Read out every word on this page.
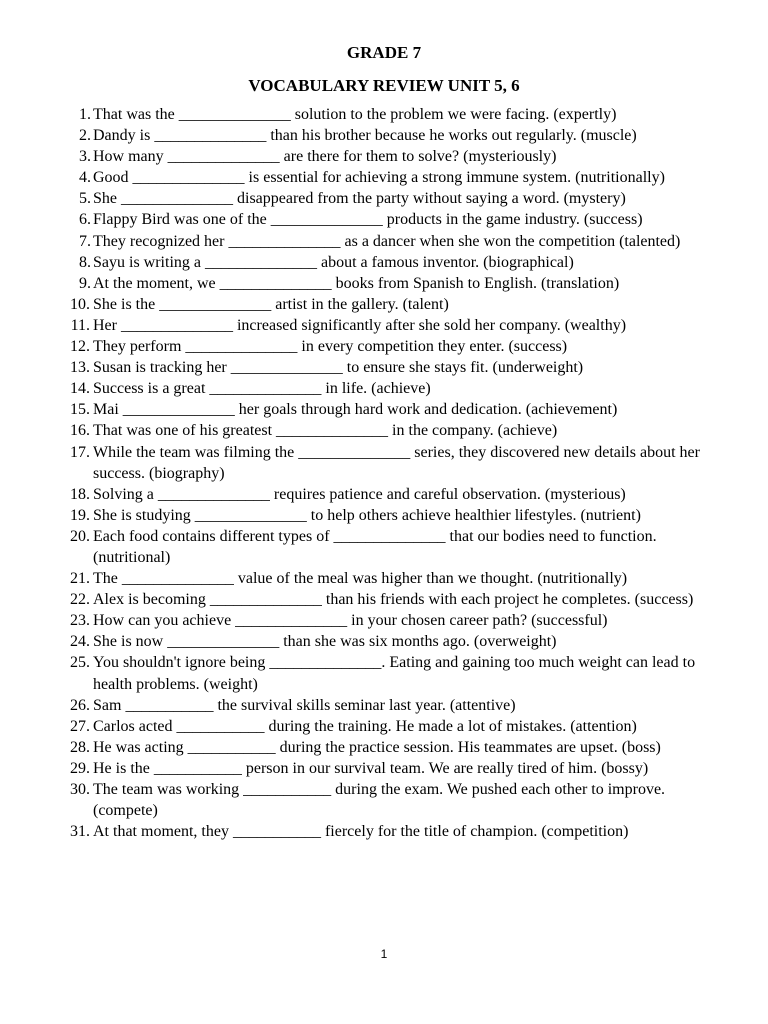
GRADE 7
VOCABULARY REVIEW UNIT 5, 6
1. That was the ______________ solution to the problem we were facing. (expertly)
2. Dandy is ______________ than his brother because he works out regularly. (muscle)
3. How many ______________ are there for them to solve? (mysteriously)
4. Good ______________ is essential for achieving a strong immune system. (nutritionally)
5. She ______________ disappeared from the party without saying a word. (mystery)
6. Flappy Bird was one of the ______________ products in the game industry. (success)
7. They recognized her ______________ as a dancer when she won the competition (talented)
8. Sayu is writing a ______________ about a famous inventor. (biographical)
9. At the moment, we ______________ books from Spanish to English. (translation)
10. She is the ______________ artist in the gallery. (talent)
11. Her ______________ increased significantly after she sold her company. (wealthy)
12. They perform ______________ in every competition they enter. (success)
13. Susan is tracking her ______________ to ensure she stays fit. (underweight)
14. Success is a great ______________ in life. (achieve)
15. Mai ______________ her goals through hard work and dedication. (achievement)
16. That was one of his greatest ______________ in the company. (achieve)
17. While the team was filming the ______________ series, they discovered new details about her success. (biography)
18. Solving a ______________ requires patience and careful observation. (mysterious)
19. She is studying ______________ to help others achieve healthier lifestyles. (nutrient)
20. Each food contains different types of ______________ that our bodies need to function. (nutritional)
21. The ______________ value of the meal was higher than we thought. (nutritionally)
22. Alex is becoming ______________ than his friends with each project he completes. (success)
23. How can you achieve ______________ in your chosen career path? (successful)
24. She is now ______________ than she was six months ago. (overweight)
25. You shouldn't ignore being ______________. Eating and gaining too much weight can lead to health problems. (weight)
26. Sam ___________ the survival skills seminar last year. (attentive)
27. Carlos acted ___________ during the training. He made a lot of mistakes. (attention)
28. He was acting ___________ during the practice session. His teammates are upset. (boss)
29. He is the ___________ person in our survival team. We are really tired of him. (bossy)
30. The team was working ___________ during the exam. We pushed each other to improve. (compete)
31. At that moment, they ___________ fiercely for the title of champion. (competition)
1
